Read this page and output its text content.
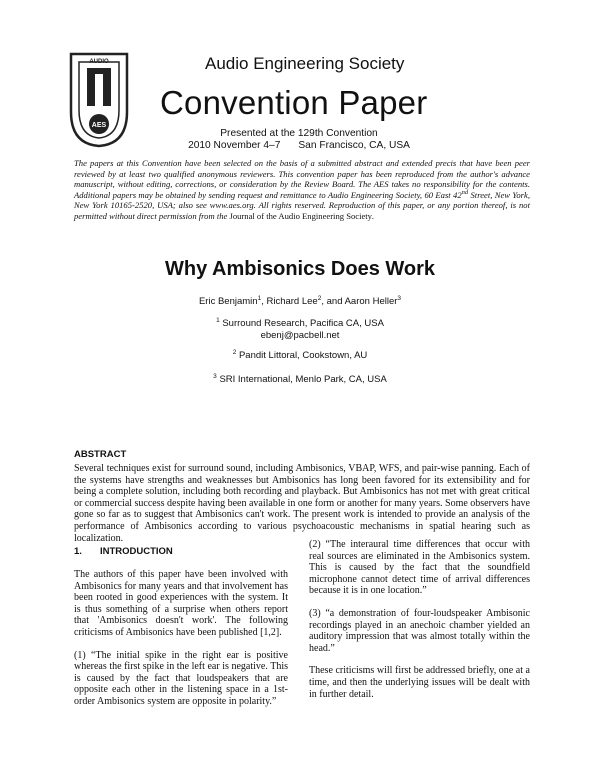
AUDIO
AES
Audio Engineering Society
Convention Paper
Presented at the 129th Convention
2010 November 4–7 San Francisco, CA, USA
The papers at this Convention have been selected on the basis of a submitted abstract and extended precis that have been peer reviewed by at least two qualified anonymous reviewers. This convention paper has been reproduced from the author's advance manuscript, without editing, corrections, or consideration by the Review Board. The AES takes no responsibility for the contents. Additional papers may be obtained by sending request and remittance to Audio Engineering Society, 60 East 42nd Street, New York, New York 10165-2520, USA; also see www.aes.org. All rights reserved. Reproduction of this paper, or any portion thereof, is not permitted without direct permission from the Journal of the Audio Engineering Society.
Why Ambisonics Does Work
Eric Benjamin$^1$, Richard Lee$^2$, and Aaron Heller$^3$
$^1$ Surround Research, Pacifica CA, USA
ebenj@pacbell.net
$^2$ Pandit Littoral, Cookstown, AU
$^3$ SRI International, Menlo Park, CA, USA
ABSTRACT
Several techniques exist for surround sound, including Ambisonics, VBAP, WFS, and pair-wise panning. Each of the systems have strengths and weaknesses but Ambisonics has long been favored for its extensibility and for being a complete solution, including both recording and playback. But Ambisonics has not met with great critical or commercial success despite having been available in one form or another for many years. Some observers have gone so far as to suggest that Ambisonics can't work. The present work is intended to provide an analysis of the performance of Ambisonics according to various psychoacoustic mechanisms in spatial hearing such as localization.
1. INTRODUCTION

The authors of this paper have been involved with Ambisonics for many years and that involvement has been rooted in good experiences with the system. It is thus something of a surprise when others report that 'Ambisonics doesn't work'. The following criticisms of Ambisonics have been published [1,2].

(1) “The initial spike in the right ear is positive whereas the first spike in the left ear is negative. This is caused by the fact that loudspeakers that are opposite each other in the listening space in a 1st-order Ambisonics system are opposite in polarity.”

(2) “The interaural time differences that occur with real sources are eliminated in the Ambisonics system. This is caused by the fact that the soundfield microphone cannot detect time of arrival differences because it is in one location.”

(3) “a demonstration of four-loudspeaker Ambisonic recordings played in an anechoic chamber yielded an auditory impression that was almost totally within the head.”

These criticisms will first be addressed briefly, one at a time, and then the underlying issues will be dealt with in further detail.
